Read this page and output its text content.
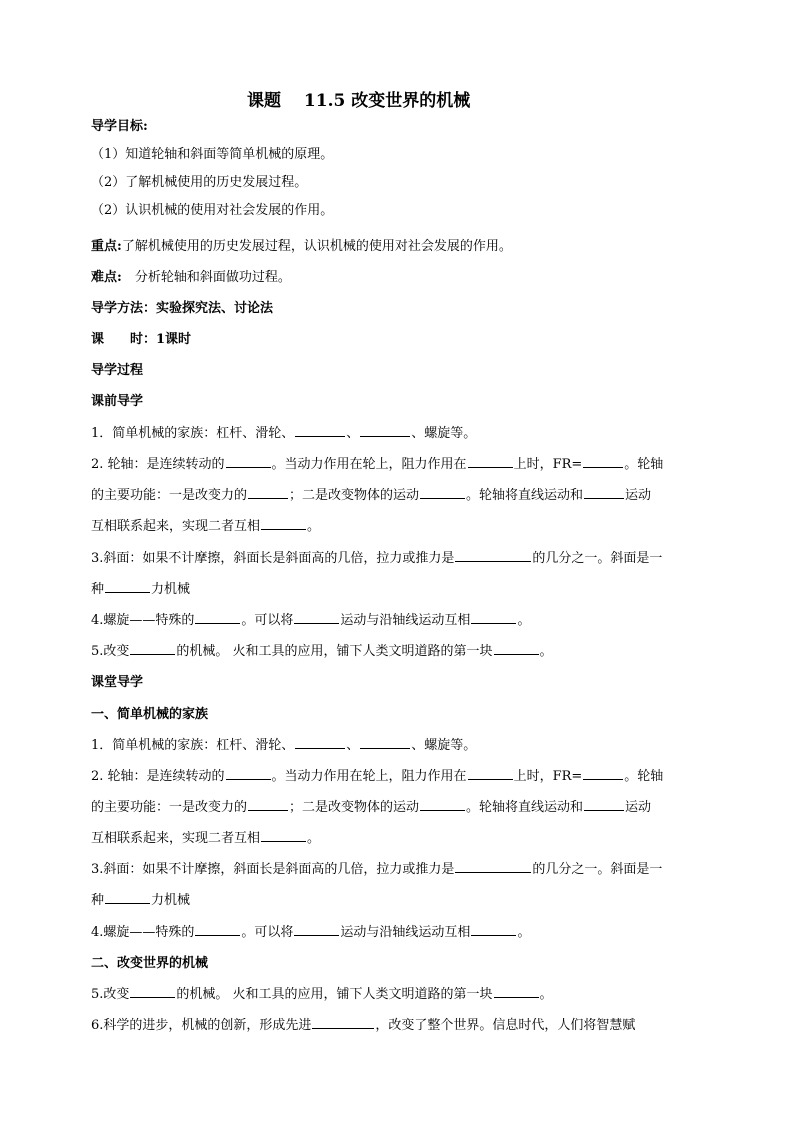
课题　 11.5 改变世界的机械
导学目标:
（1）知道轮轴和斜面等简单机械的原理。
（2）了解机械使用的历史发展过程。
（2）认识机械的使用对社会发展的作用。
重点:了解机械使用的历史发展过程，认识机械的使用对社会发展的作用。
难点:　分析轮轴和斜面做功过程。
导学方法：实验探究法、讨论法
课　　时：1课时
导学过程
课前导学
1．简单机械的家族：杠杆、滑轮、	、	、螺旋等。
2. 轮轴：是连续转动的	。当动力作用在轮上，阻力作用在	上时，FR=	。轮轴
的主要功能：一是改变力的	；二是改变物体的运动	。轮轴将直线运动和	运动
互相联系起来，实现二者互相	。
3.斜面：如果不计摩擦，斜面长是斜面高的几倍，拉力或推力是	的几分之一。斜面是一
种	力机械
4.螺旋——特殊的	。可以将	运动与沿轴线运动互相	。
5.改变	的机械。 火和工具的应用，铺下人类文明道路的第一块	。
课堂导学
一、简单机械的家族
1．简单机械的家族：杠杆、滑轮、	、	、螺旋等。
2. 轮轴：是连续转动的	。当动力作用在轮上，阻力作用在	上时，FR=	。轮轴
的主要功能：一是改变力的	；二是改变物体的运动	。轮轴将直线运动和	运动
互相联系起来，实现二者互相	。
3.斜面：如果不计摩擦，斜面长是斜面高的几倍，拉力或推力是	的几分之一。斜面是一
种	力机械
4.螺旋——特殊的	。可以将	运动与沿轴线运动互相	。
二、改变世界的机械
5.改变	的机械。 火和工具的应用，铺下人类文明道路的第一块	。
6.科学的进步，机械的创新，形成先进	，改变了整个世界。信息时代，人们将智慧赋
